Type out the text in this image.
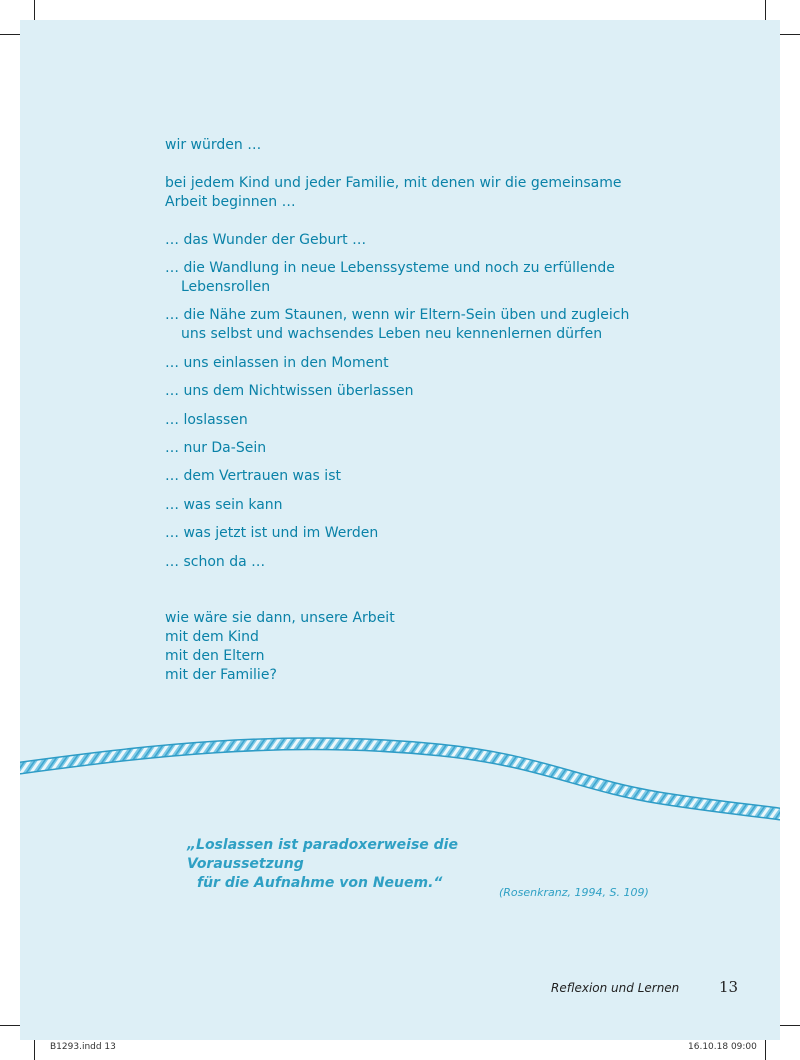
wir würden …
bei jedem Kind und jeder Familie, mit denen wir die gemeinsame
Arbeit beginnen …
… das Wunder der Geburt …
… die Wandlung in neue Lebenssysteme und noch zu erfüllende
Lebensrollen
… die Nähe zum Staunen, wenn wir Eltern-Sein üben und zugleich
uns selbst und wachsendes Leben neu kennenlernen dürfen
… uns einlassen in den Moment
… uns dem Nichtwissen überlassen
… loslassen
… nur Da-Sein
… dem Vertrauen was ist
… was sein kann
… was jetzt ist und im Werden
… schon da …
wie wäre sie dann, unsere Arbeit
mit dem Kind
mit den Eltern
mit der Familie?
„Loslassen ist paradoxerweise die Voraussetzung
für die Aufnahme von Neuem.“
(Rosenkranz, 1994, S. 109)
Reflexion und Lernen	13
B1293.indd 13	16.10.18 09:00
